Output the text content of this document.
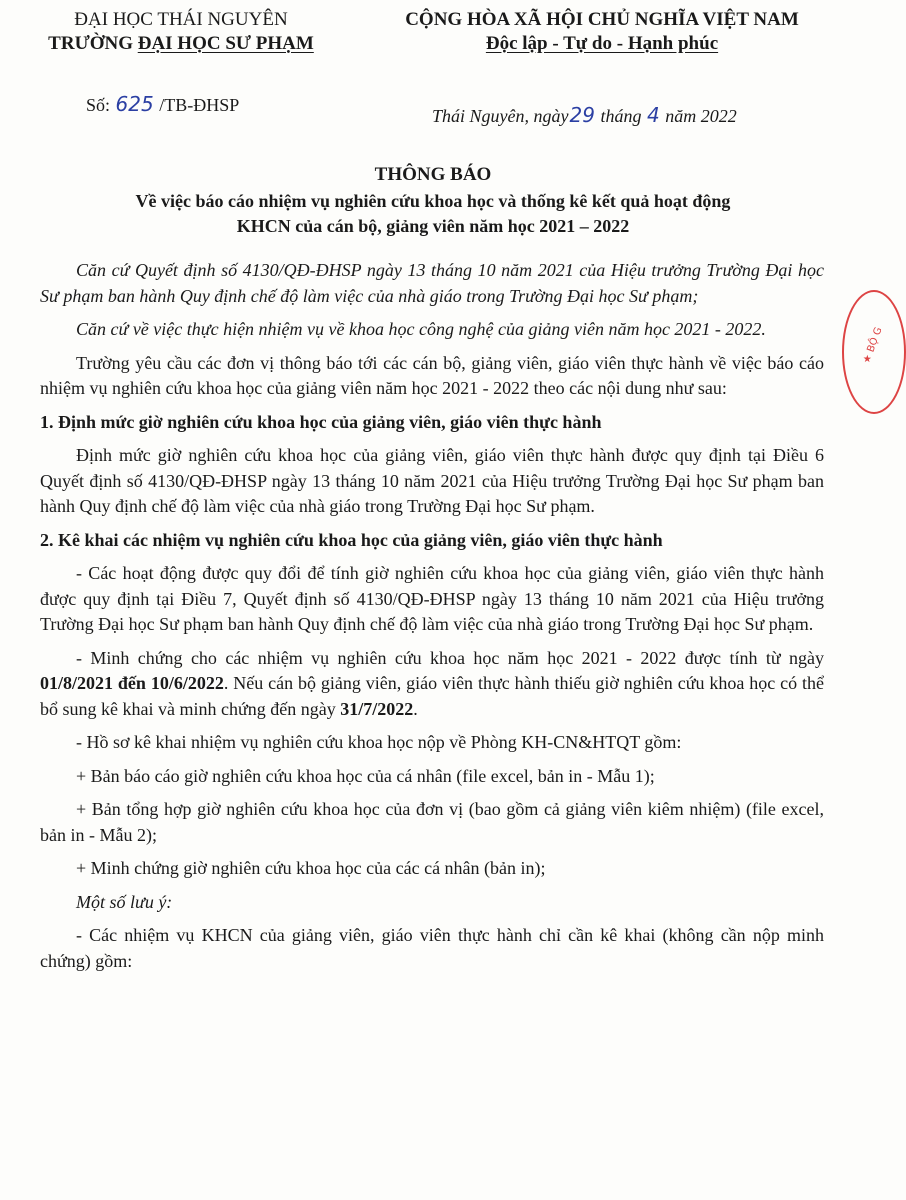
ĐẠI HỌC THÁI NGUYÊN
TRƯỜNG ĐẠI HỌC SƯ PHẠM
CỘNG HÒA XÃ HỘI CHỦ NGHĨA VIỆT NAM
Độc lập - Tự do - Hạnh phúc
Số: 625 /TB-ĐHSP
Thái Nguyên, ngày29 tháng 4 năm 2022
THÔNG BÁO
Về việc báo cáo nhiệm vụ nghiên cứu khoa học và thống kê kết quả hoạt động
KHCN của cán bộ, giảng viên năm học 2021 – 2022
★ BỘ G

Căn cứ Quyết định số 4130/QĐ-ĐHSP ngày 13 tháng 10 năm 2021 của Hiệu trưởng Trường Đại học Sư phạm ban hành Quy định chế độ làm việc của nhà giáo trong Trường Đại học Sư phạm;

Căn cứ về việc thực hiện nhiệm vụ về khoa học công nghệ của giảng viên năm học 2021 - 2022.

Trường yêu cầu các đơn vị thông báo tới các cán bộ, giảng viên, giáo viên thực hành về việc báo cáo nhiệm vụ nghiên cứu khoa học của giảng viên năm học 2021 - 2022 theo các nội dung như sau:

1. Định mức giờ nghiên cứu khoa học của giảng viên, giáo viên thực hành

Định mức giờ nghiên cứu khoa học của giảng viên, giáo viên thực hành được quy định tại Điều 6 Quyết định số 4130/QĐ-ĐHSP ngày 13 tháng 10 năm 2021 của Hiệu trưởng Trường Đại học Sư phạm ban hành Quy định chế độ làm việc của nhà giáo trong Trường Đại học Sư phạm.

2. Kê khai các nhiệm vụ nghiên cứu khoa học của giảng viên, giáo viên thực hành

- Các hoạt động được quy đổi để tính giờ nghiên cứu khoa học của giảng viên, giáo viên thực hành được quy định tại Điều 7, Quyết định số 4130/QĐ-ĐHSP ngày 13 tháng 10 năm 2021 của Hiệu trưởng Trường Đại học Sư phạm ban hành Quy định chế độ làm việc của nhà giáo trong Trường Đại học Sư phạm.

- Minh chứng cho các nhiệm vụ nghiên cứu khoa học năm học 2021 - 2022 được tính từ ngày 01/8/2021 đến 10/6/2022. Nếu cán bộ giảng viên, giáo viên thực hành thiếu giờ nghiên cứu khoa học có thể bổ sung kê khai và minh chứng đến ngày 31/7/2022.

- Hồ sơ kê khai nhiệm vụ nghiên cứu khoa học nộp về Phòng KH-CN&HTQT gồm:

+ Bản báo cáo giờ nghiên cứu khoa học của cá nhân (file excel, bản in - Mẫu 1);

+ Bản tổng hợp giờ nghiên cứu khoa học của đơn vị (bao gồm cả giảng viên kiêm nhiệm) (file excel, bản in - Mẫu 2);

+ Minh chứng giờ nghiên cứu khoa học của các cá nhân (bản in);

Một số lưu ý:

- Các nhiệm vụ KHCN của giảng viên, giáo viên thực hành chỉ cần kê khai (không cần nộp minh chứng) gồm:
